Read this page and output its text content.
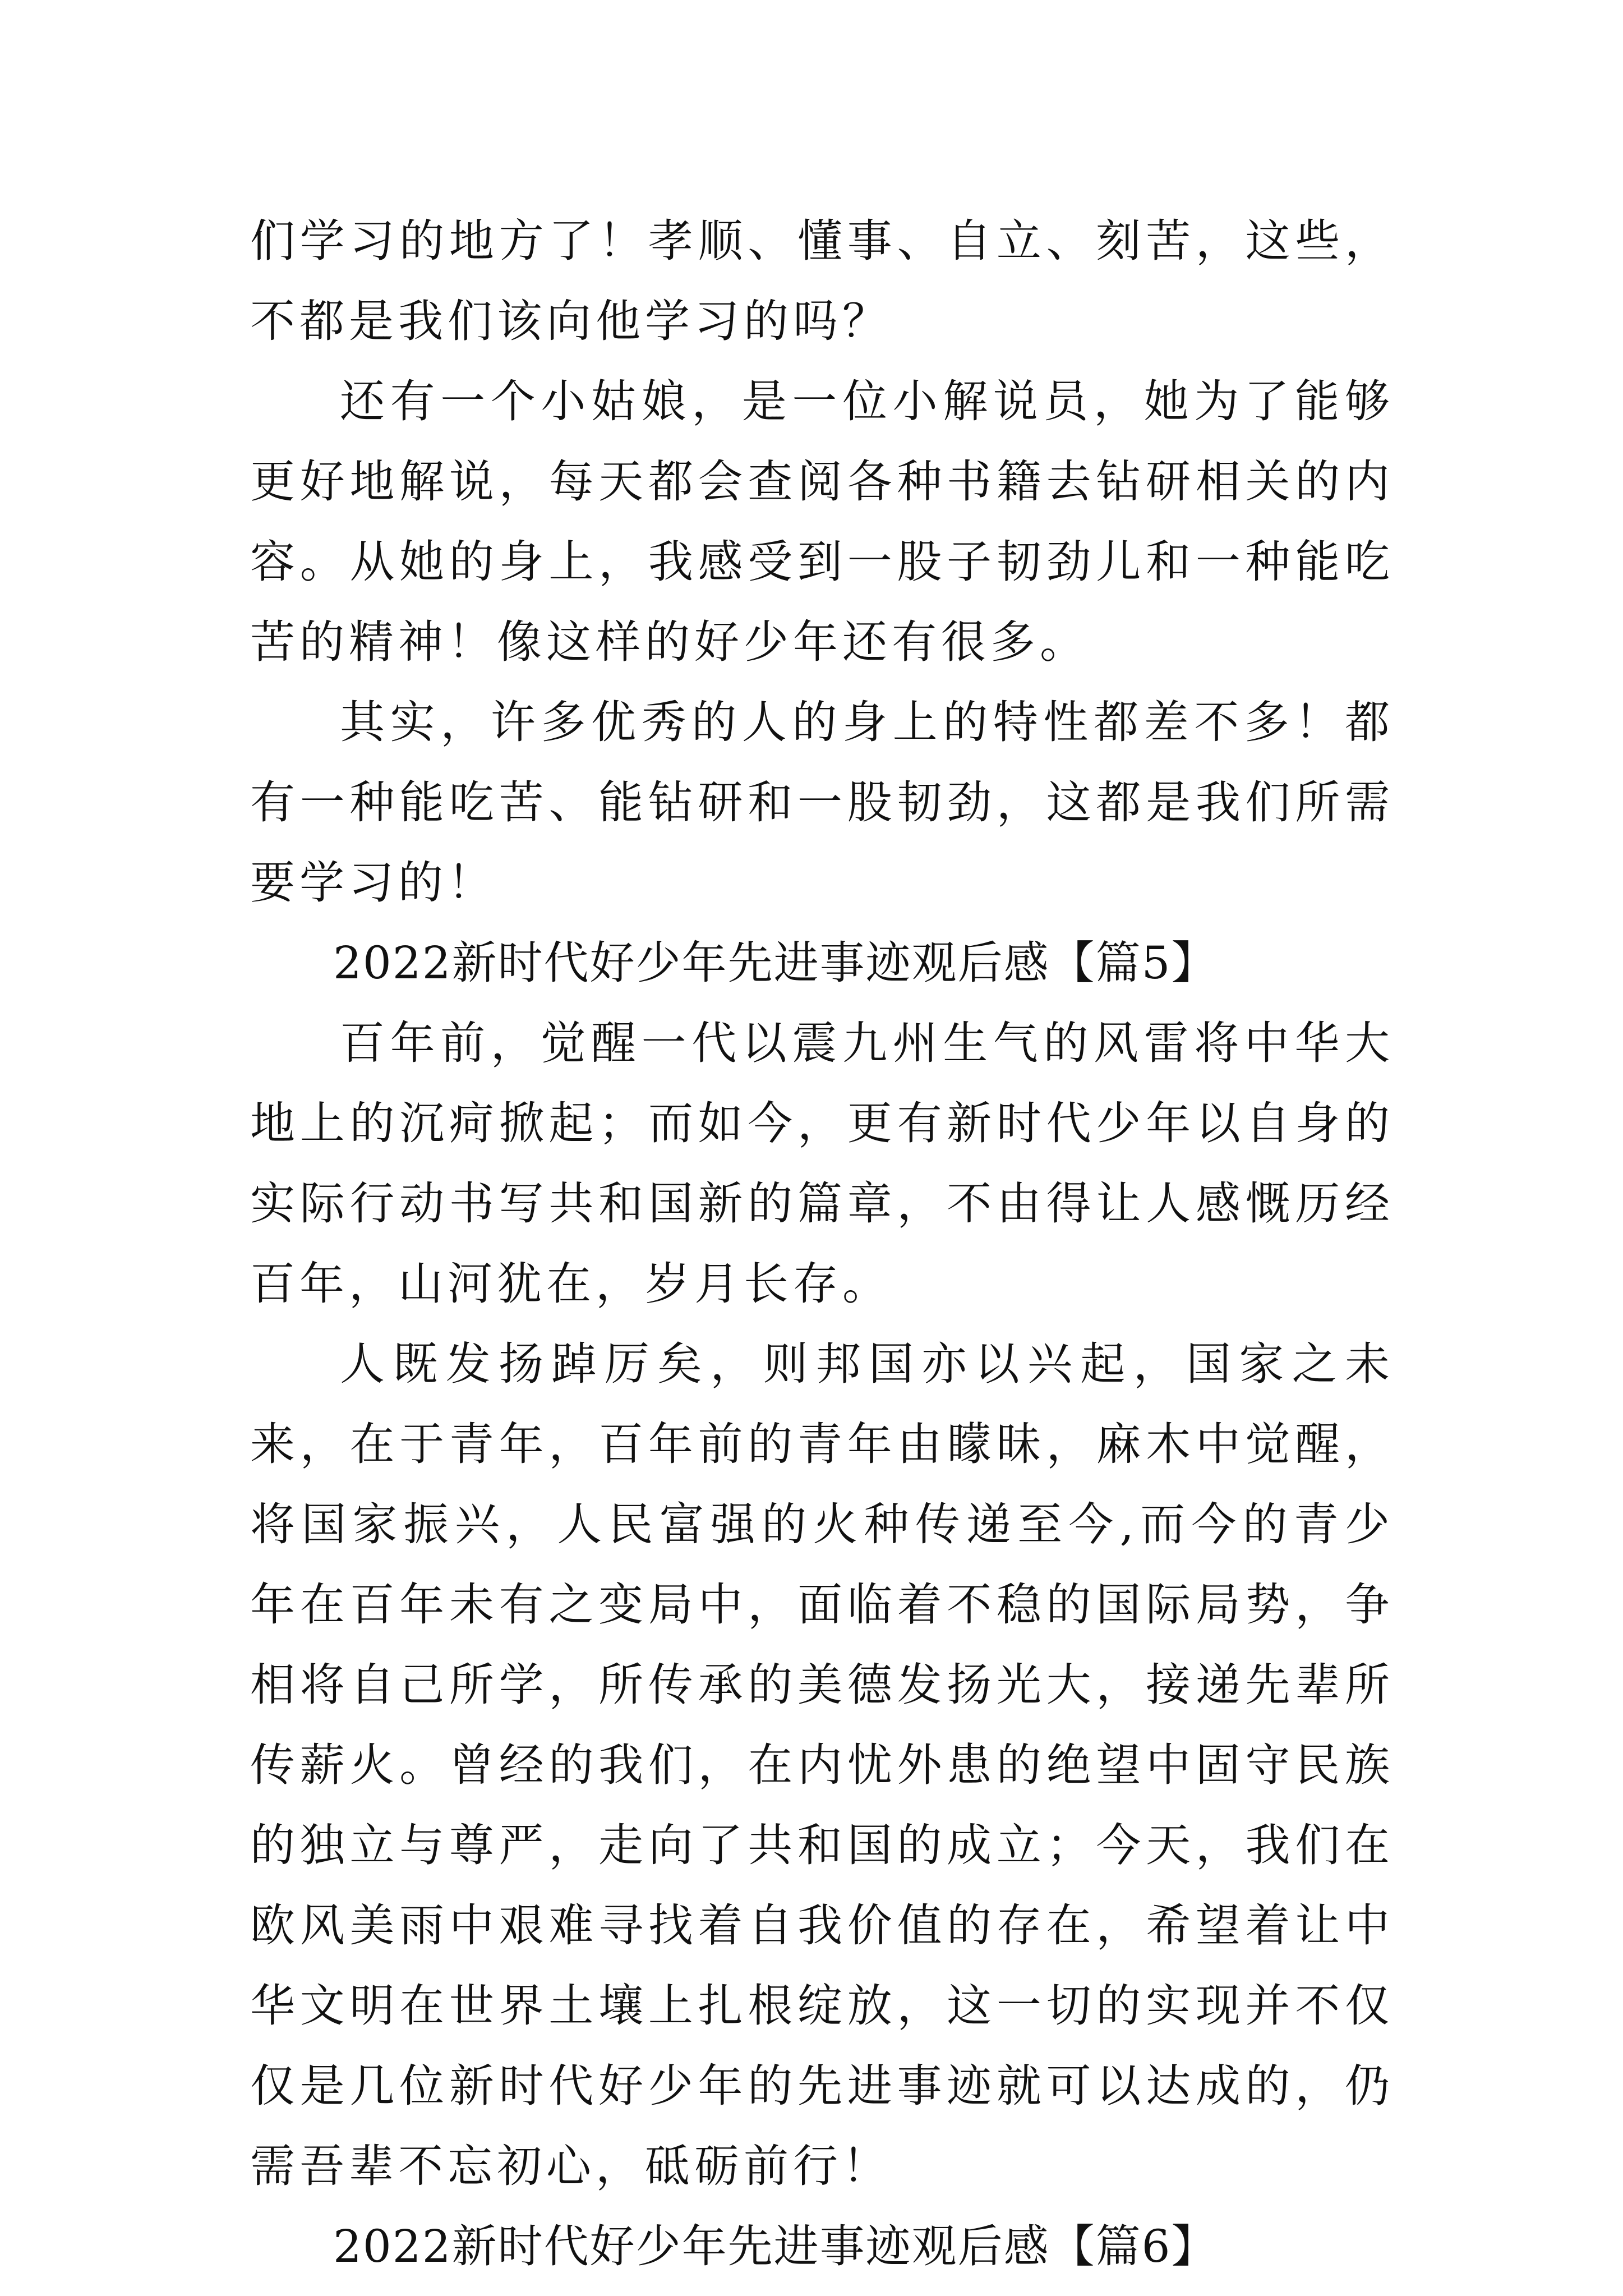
们学习的地方了！孝顺、懂事、自立、刻苦，这些，不都是我们该向他学习的吗？

还有一个小姑娘，是一位小解说员，她为了能够更好地解说，每天都会查阅各种书籍去钻研相关的内容。从她的身上，我感受到一股子韧劲儿和一种能吃苦的精神！像这样的好少年还有很多。

其实，许多优秀的人的身上的特性都差不多！都有一种能吃苦、能钻研和一股韧劲，这都是我们所需要学习的！

2022新时代好少年先进事迹观后感【篇5】

百年前，觉醒一代以震九州生气的风雷将中华大地上的沉疴掀起；而如今，更有新时代少年以自身的实际行动书写共和国新的篇章，不由得让人感慨历经百年，山河犹在，岁月长存。

人既发扬踔厉矣，则邦国亦以兴起，国家之未来，在于青年，百年前的青年由矇昧，麻木中觉醒，将国家振兴，人民富强的火种传递至今,而今的青少年在百年未有之变局中，面临着不稳的国际局势，争相将自己所学，所传承的美德发扬光大，接递先辈所传薪火。曾经的我们，在内忧外患的绝望中固守民族的独立与尊严，走向了共和国的成立；今天，我们在欧风美雨中艰难寻找着自我价值的存在，希望着让中华文明在世界土壤上扎根绽放，这一切的实现并不仅仅是几位新时代好少年的先进事迹就可以达成的，仍需吾辈不忘初心，砥砺前行！

2022新时代好少年先进事迹观后感【篇6】
